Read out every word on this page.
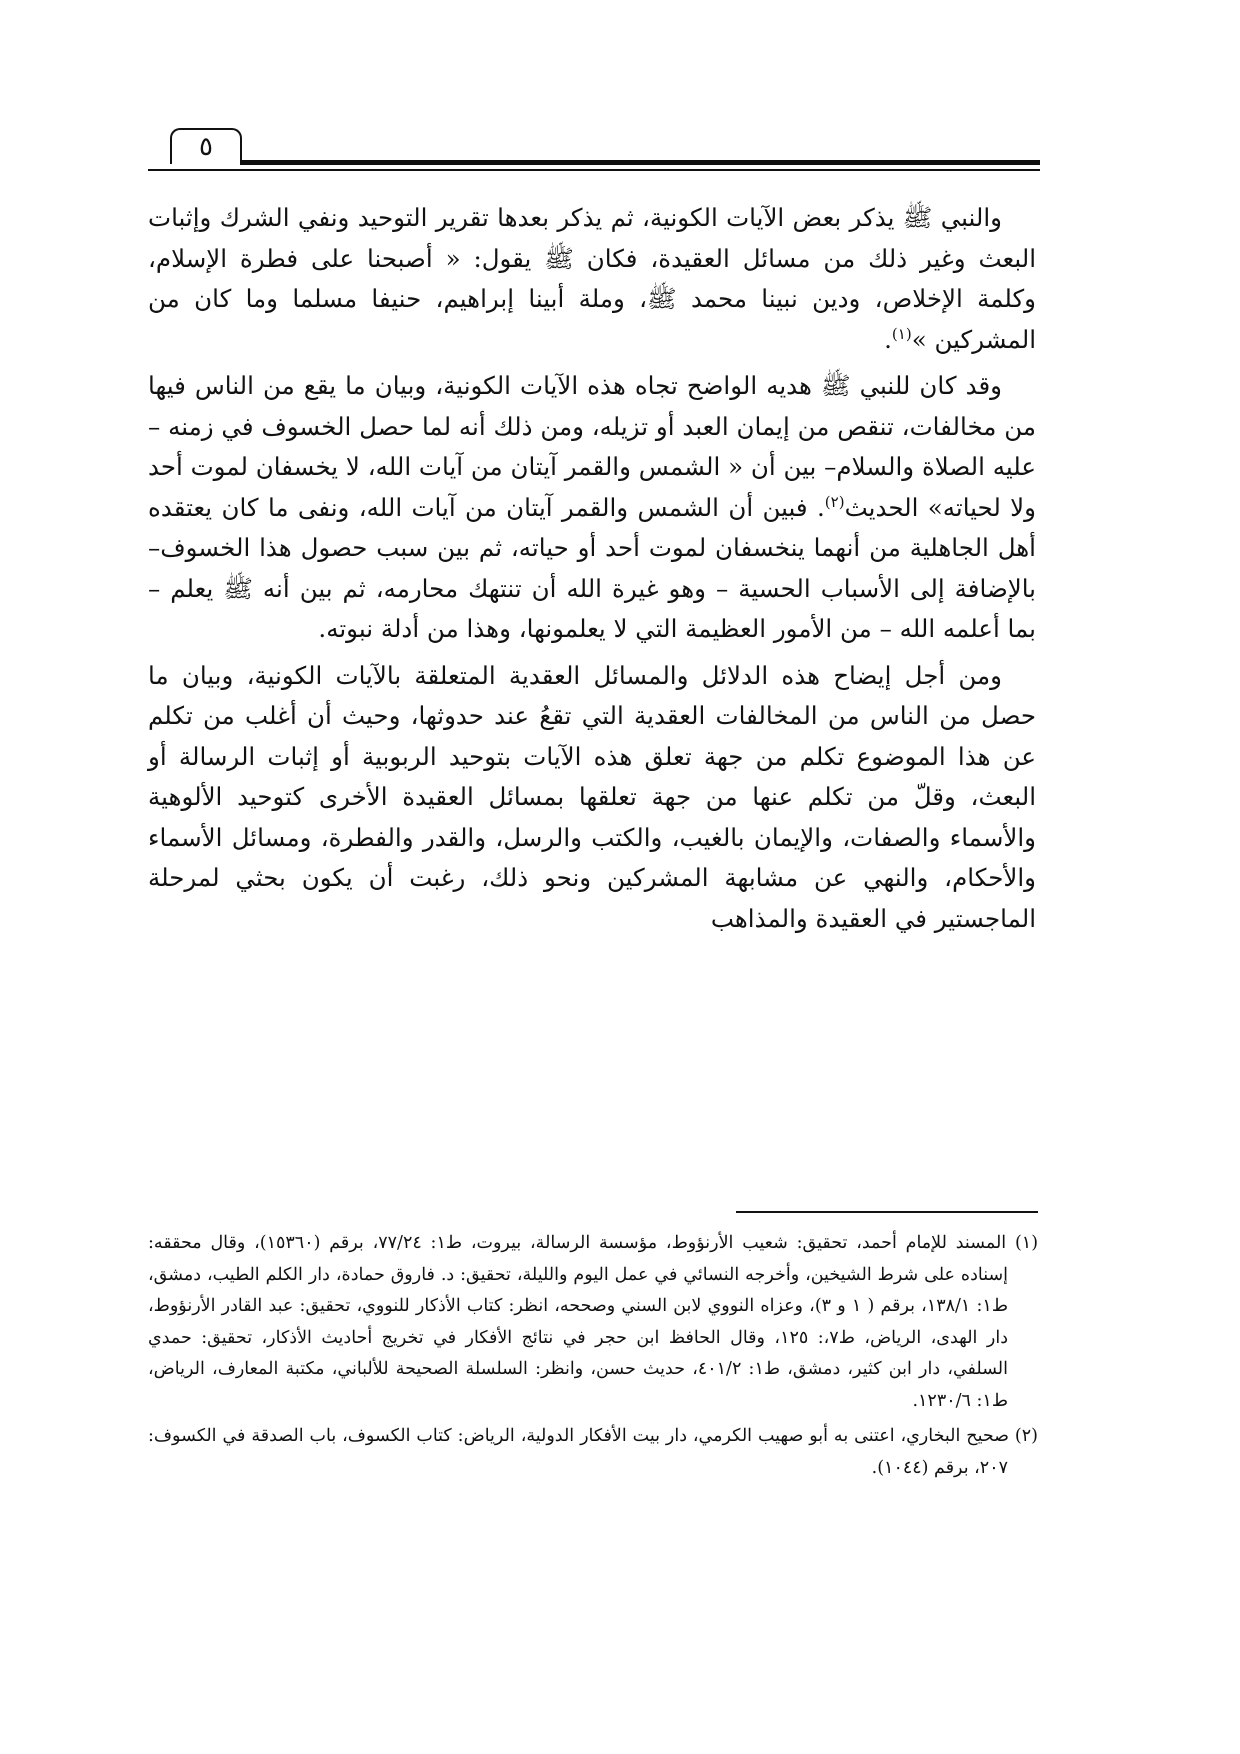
٥

والنبي ﷺ يذكر بعض الآيات الكونية، ثم يذكر بعدها تقرير التوحيد ونفي الشرك وإثبات البعث وغير ذلك من مسائل العقيدة، فكان ﷺ يقول: « أصبحنا على فطرة الإسلام، وكلمة الإخلاص، ودين نبينا محمد ﷺ، وملة أبينا إبراهيم، حنيفا مسلما وما كان من المشركين »$^{(١)}$.

وقد كان للنبي ﷺ هديه الواضح تجاه هذه الآيات الكونية، وبيان ما يقع من الناس فيها من مخالفات، تنقص من إيمان العبد أو تزيله، ومن ذلك أنه لما حصل الخسوف في زمنه –عليه الصلاة والسلام– بين أن « الشمس والقمر آيتان من آيات الله، لا يخسفان لموت أحد ولا لحياته» الحديث$^{(٢)}$. فبين أن الشمس والقمر آيتان من آيات الله، ونفى ما كان يعتقده أهل الجاهلية من أنهما ينخسفان لموت أحد أو حياته، ثم بين سبب حصول هذا الخسوف– بالإضافة إلى الأسباب الحسية – وهو غيرة الله أن تنتهك محارمه، ثم بين أنه ﷺ يعلم – بما أعلمه الله – من الأمور العظيمة التي لا يعلمونها، وهذا من أدلة نبوته.

ومن أجل إيضاح هذه الدلائل والمسائل العقدية المتعلقة بالآيات الكونية، وبيان ما حصل من الناس من المخالفات العقدية التي تقعُ عند حدوثها، وحيث أن أغلب من تكلم عن هذا الموضوع تكلم من جهة تعلق هذه الآيات بتوحيد الربوبية أو إثبات الرسالة أو البعث، وقلّ من تكلم عنها من جهة تعلقها بمسائل العقيدة الأخرى كتوحيد الألوهية والأسماء والصفات، والإيمان بالغيب، والكتب والرسل، والقدر والفطرة، ومسائل الأسماء والأحكام، والنهي عن مشابهة المشركين ونحو ذلك، رغبت أن يكون بحثي لمرحلة الماجستير في العقيدة والمذاهب

(١) المسند للإمام أحمد، تحقيق: شعيب الأرنؤوط، مؤسسة الرسالة، بيروت، ط١: ٧٧/٢٤، برقم (١٥٣٦٠)، وقال محققه: إسناده على شرط الشيخين، وأخرجه النسائي في عمل اليوم والليلة، تحقيق: د. فاروق حمادة، دار الكلم الطيب، دمشق، ط١: ١٣٨/١، برقم ( ١ و ٣)، وعزاه النووي لابن السني وصححه، انظر: كتاب الأذكار للنووي، تحقيق: عبد القادر الأرنؤوط، دار الهدى، الرياض، ط٧،: ١٢٥، وقال الحافظ ابن حجر في نتائج الأفكار في تخريج أحاديث الأذكار، تحقيق: حمدي السلفي، دار ابن كثير، دمشق، ط١: ٤٠١/٢، حديث حسن، وانظر: السلسلة الصحيحة للألباني، مكتبة المعارف، الرياض، ط١: ١٢٣٠/٦.

(٢) صحيح البخاري، اعتنى به أبو صهيب الكرمي، دار بيت الأفكار الدولية، الرياض: كتاب الكسوف، باب الصدقة في الكسوف: ٢٠٧، برقم (١٠٤٤).
